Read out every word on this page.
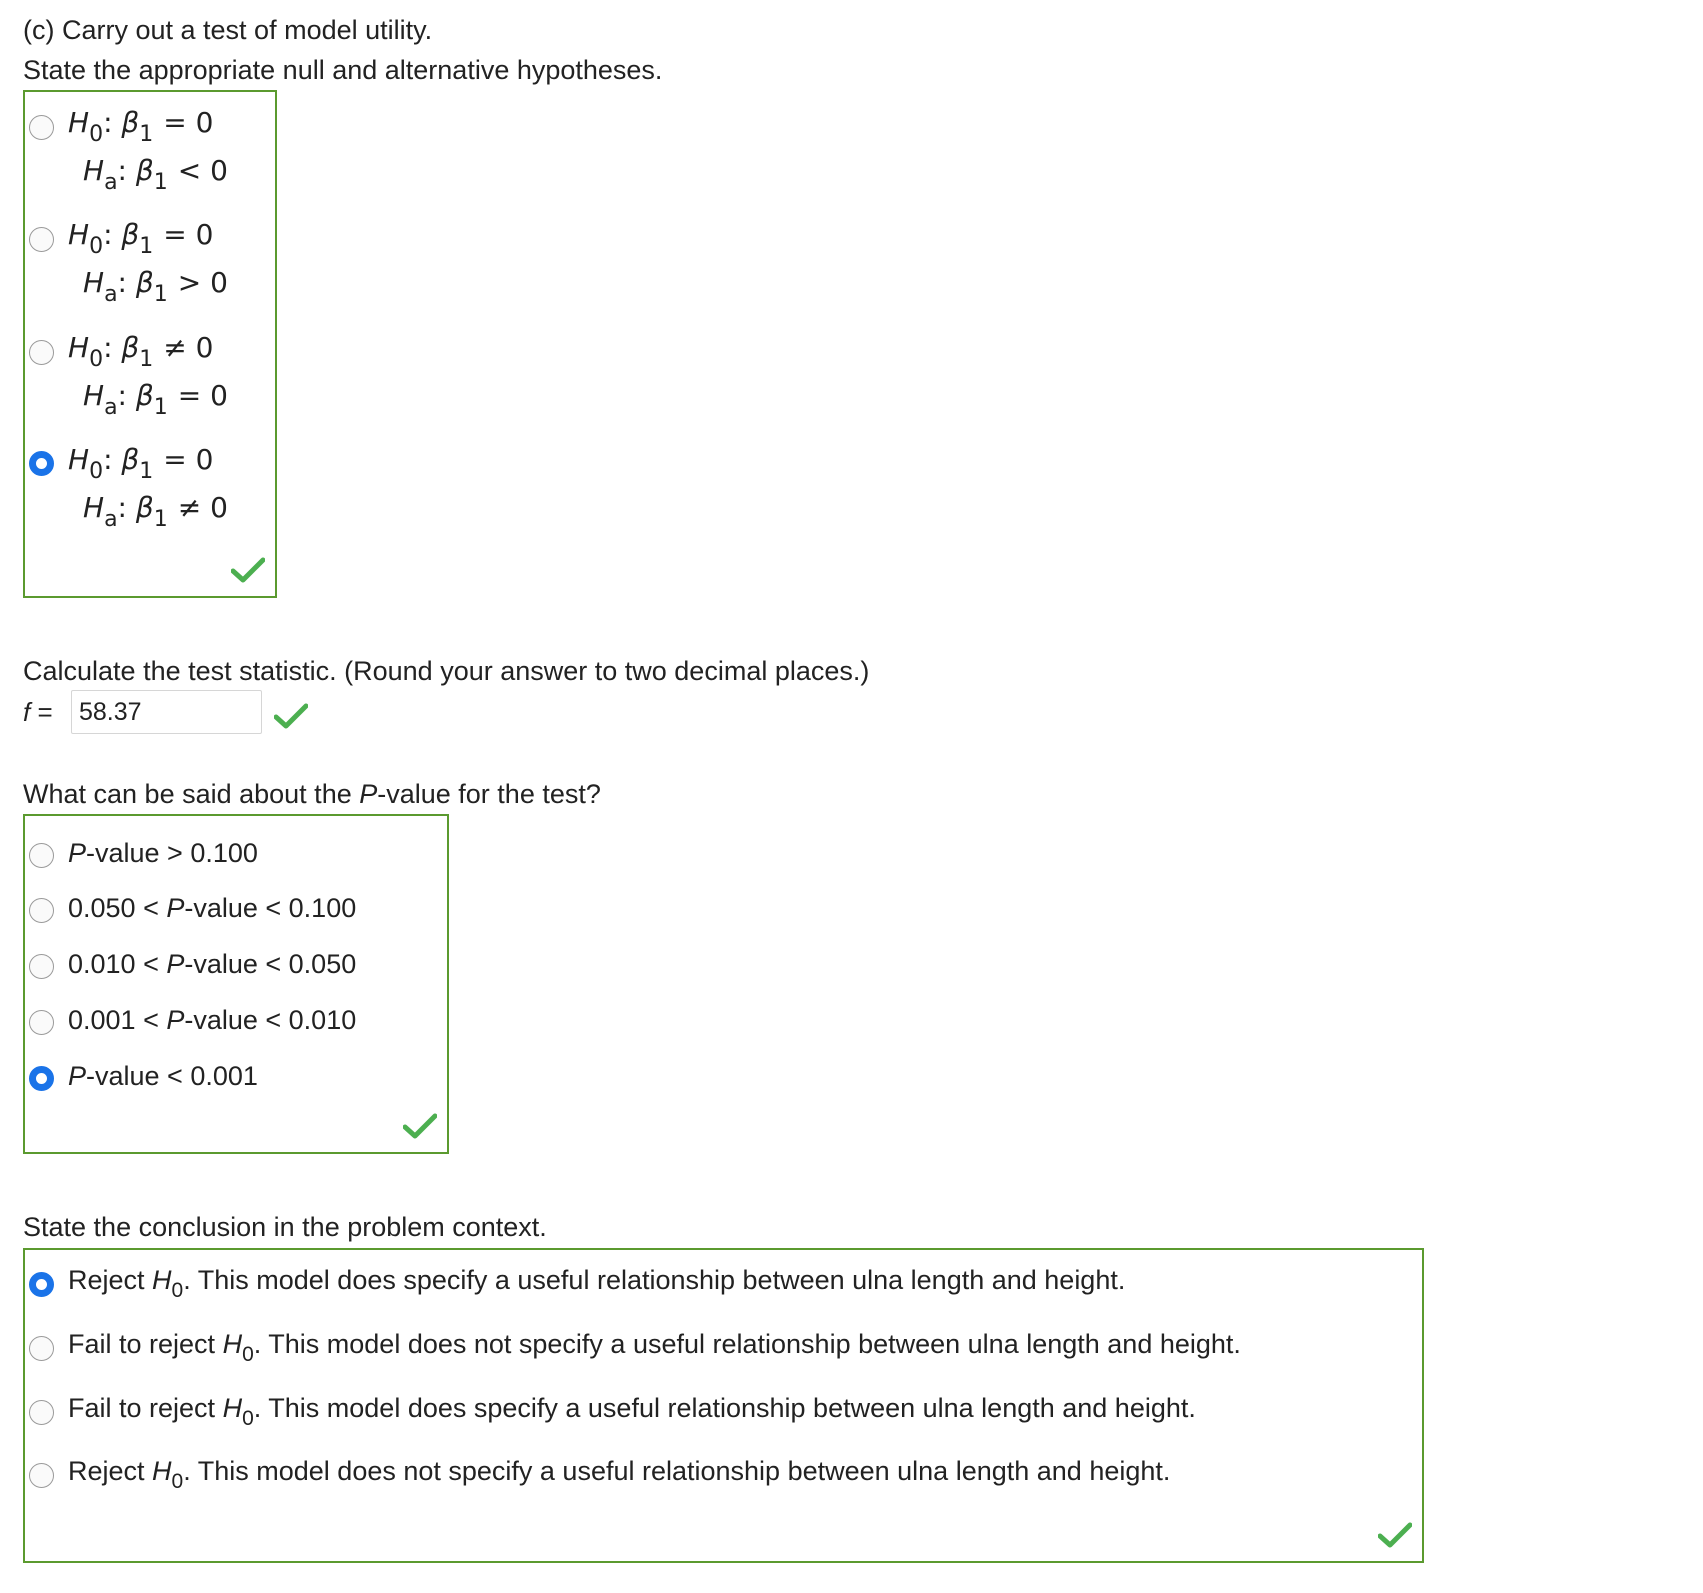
(c) Carry out a test of model utility.
State the appropriate null and alternative hypotheses.
$H_0$: $\beta_1 = 0$
$H_a$: $\beta_1 < 0$
$H_0$: $\beta_1 = 0$
$H_a$: $\beta_1 > 0$
$H_0$: $\beta_1 \ne 0$
$H_a$: $\beta_1 = 0$
$H_0$: $\beta_1 = 0$
$H_a$: $\beta_1 \ne 0$
Calculate the test statistic. (Round your answer to two decimal places.)
f =	58.37
What can be said about the P-value for the test?
P-value > 0.100
0.050 < P-value < 0.100
0.010 < P-value < 0.050
0.001 < P-value < 0.010
P-value < 0.001
State the conclusion in the problem context.
Reject $H_0$. This model does specify a useful relationship between ulna length and height.
Fail to reject $H_0$. This model does not specify a useful relationship between ulna length and height.
Fail to reject $H_0$. This model does specify a useful relationship between ulna length and height.
Reject $H_0$. This model does not specify a useful relationship between ulna length and height.
